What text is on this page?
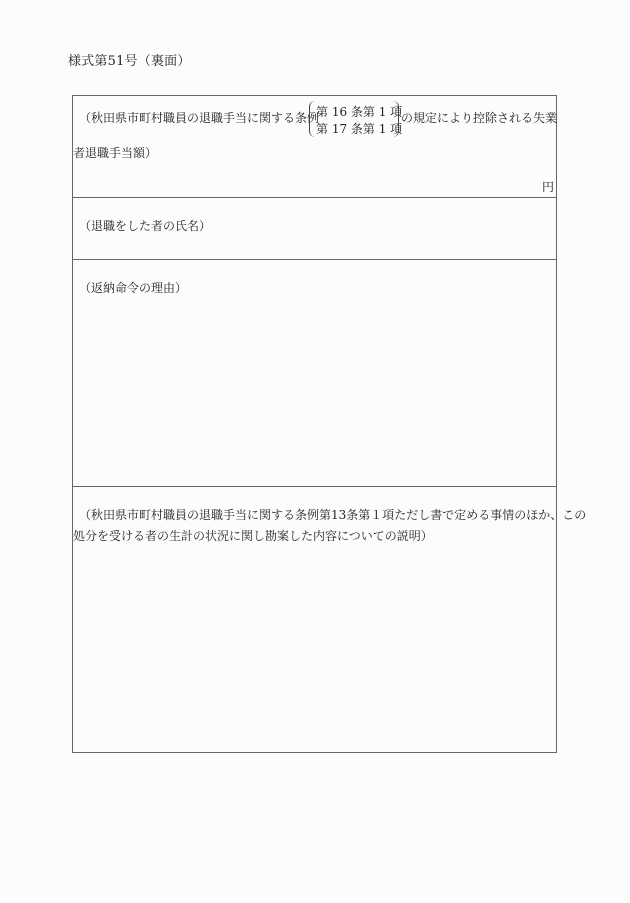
様式第51号（裏面）
（秋田県市町村職員の退職手当に関する条例
第 16 条第 1 項
第 17 条第 1 項
の規定により控除される失業
者退職手当額）
円
（退職をした者の氏名）
（返納命令の理由）
（秋田県市町村職員の退職手当に関する条例第13条第１項ただし書で定める事情のほか、この
処分を受ける者の生計の状況に関し勘案した内容についての説明）
